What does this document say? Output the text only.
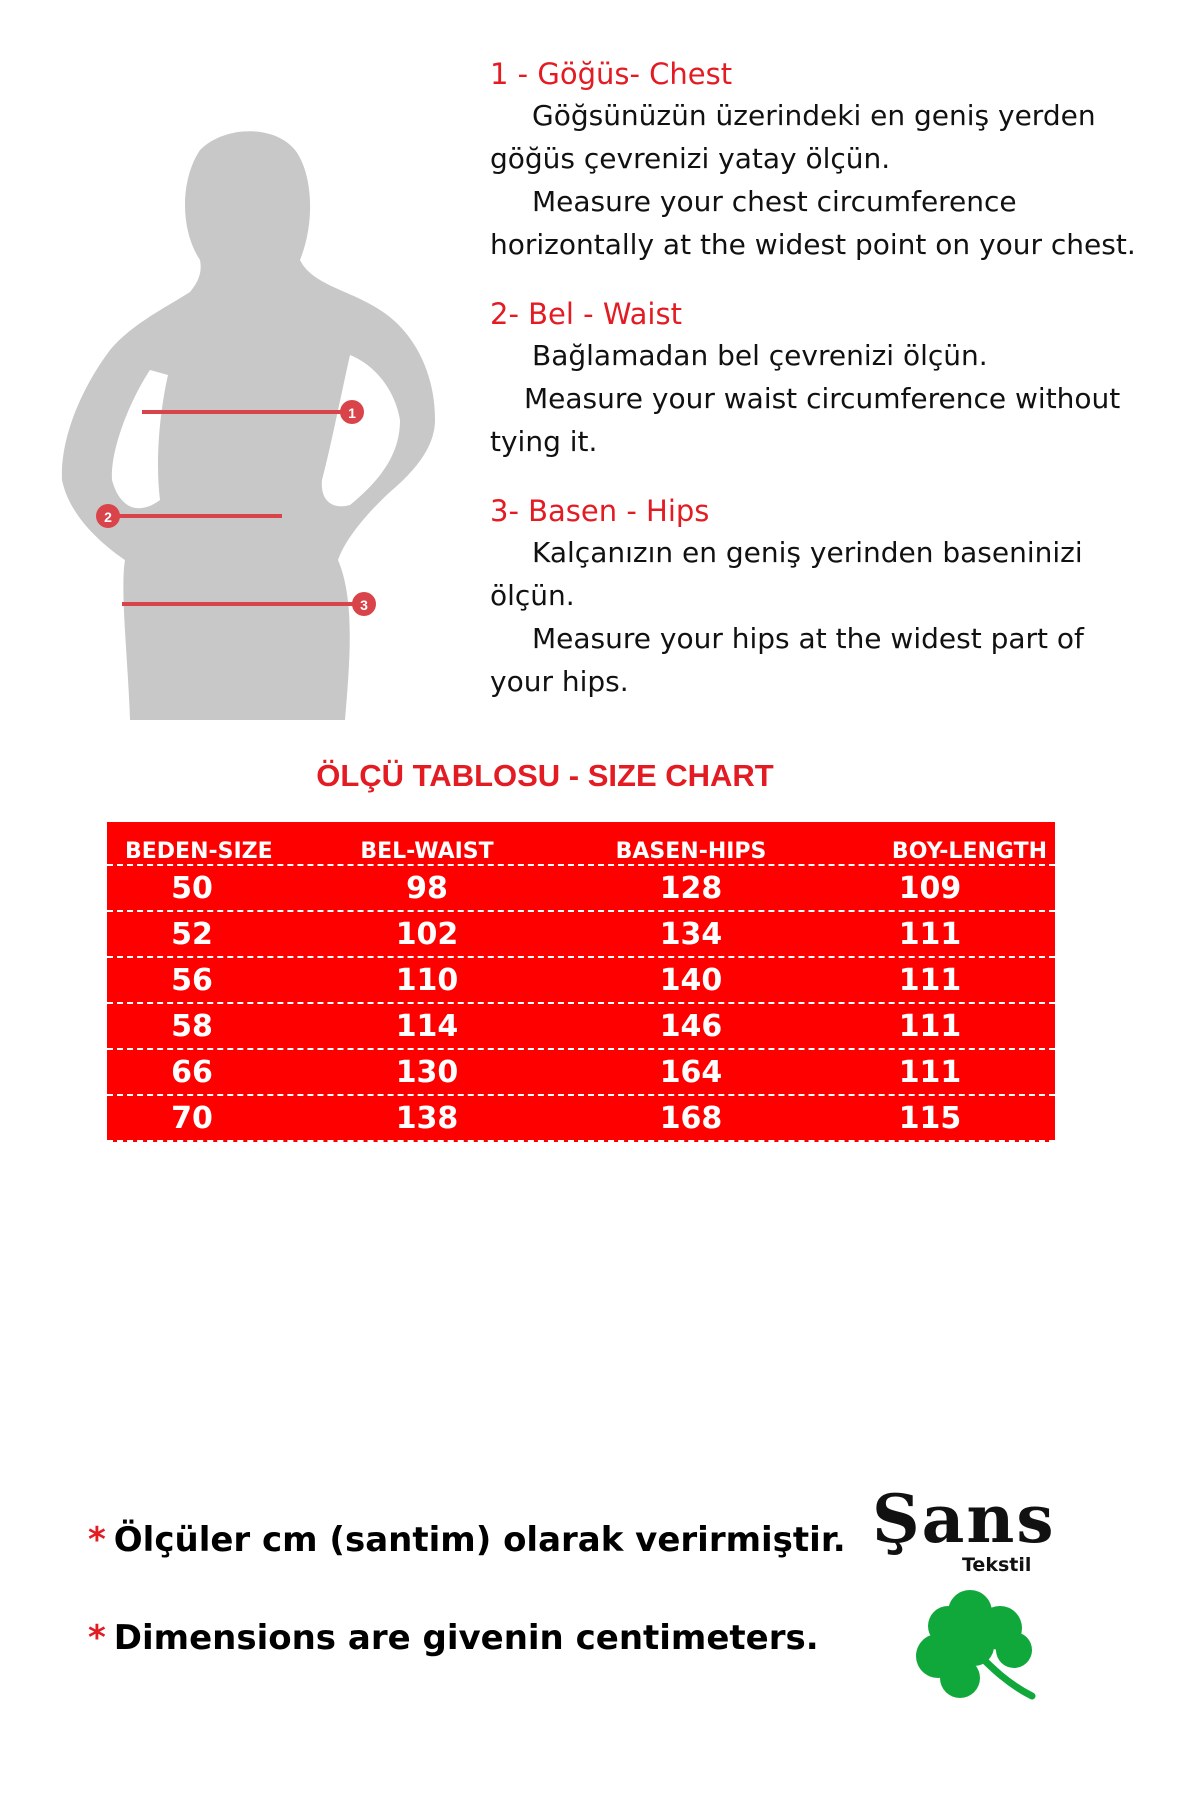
1
2
3
1 - Göğüs- Chest
Göğsünüzün üzerindeki en geniş yerden
göğüs çevrenizi yatay ölçün.
Measure your chest circumference
horizontally at the widest point on your chest.
2- Bel - Waist
Bağlamadan bel çevrenizi ölçün.
Measure your waist circumference without
tying it.
3- Basen - Hips
Kalçanızın en geniş yerinden baseninizi
ölçün.
Measure your hips at the widest part of
your hips.
ÖLÇÜ TABLOSU - SIZE CHART
BEDEN-SIZE	BEL-WAIST	BASEN-HIPS	BOY-LENGTH
50	98	128	109
52	102	134	111
56	110	140	111
58	114	146	111
66	130	164	111
70	138	168	115
* Ölçüler cm (santim) olarak verirmiştir.
* Dimensions are givenin centimeters.
Şans
Tekstil
